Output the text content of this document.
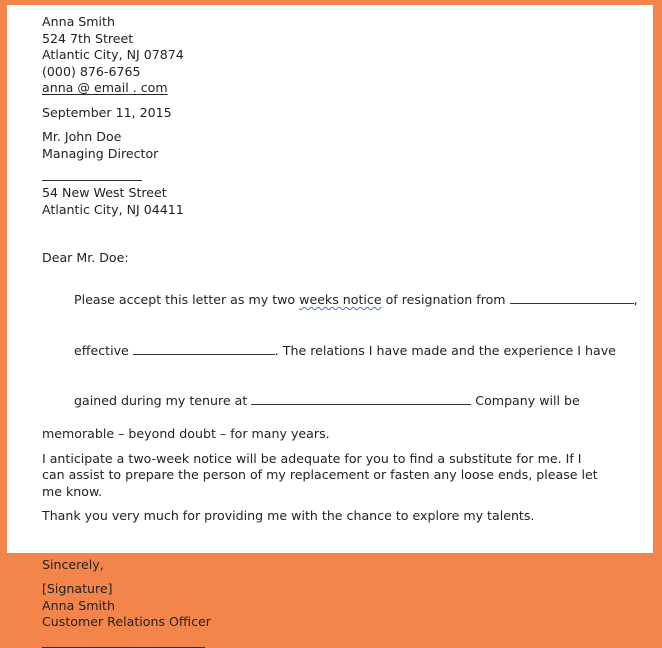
Anna Smith
524 7th Street
Atlantic City, NJ 07874
(000) 876-6765
anna @ email . com
September 11, 2015
Mr. John Doe
Managing Director
54 New West Street
Atlantic City, NJ 04411
Dear Mr. Doe:

Please accept this letter as my two weeks notice of resignation from	,

effective	. The relations I have made and the experience I have

gained during my tenure at	Company will be

memorable – beyond doubt – for many years.
I anticipate a two-week notice will be adequate for you to find a substitute for me. If I  can assist to prepare the person of my replacement or fasten any loose ends, please let me know.
Thank you very much for providing me with the chance to explore my talents.
Sincerely,
[Signature]
Anna Smith
Customer Relations Officer
